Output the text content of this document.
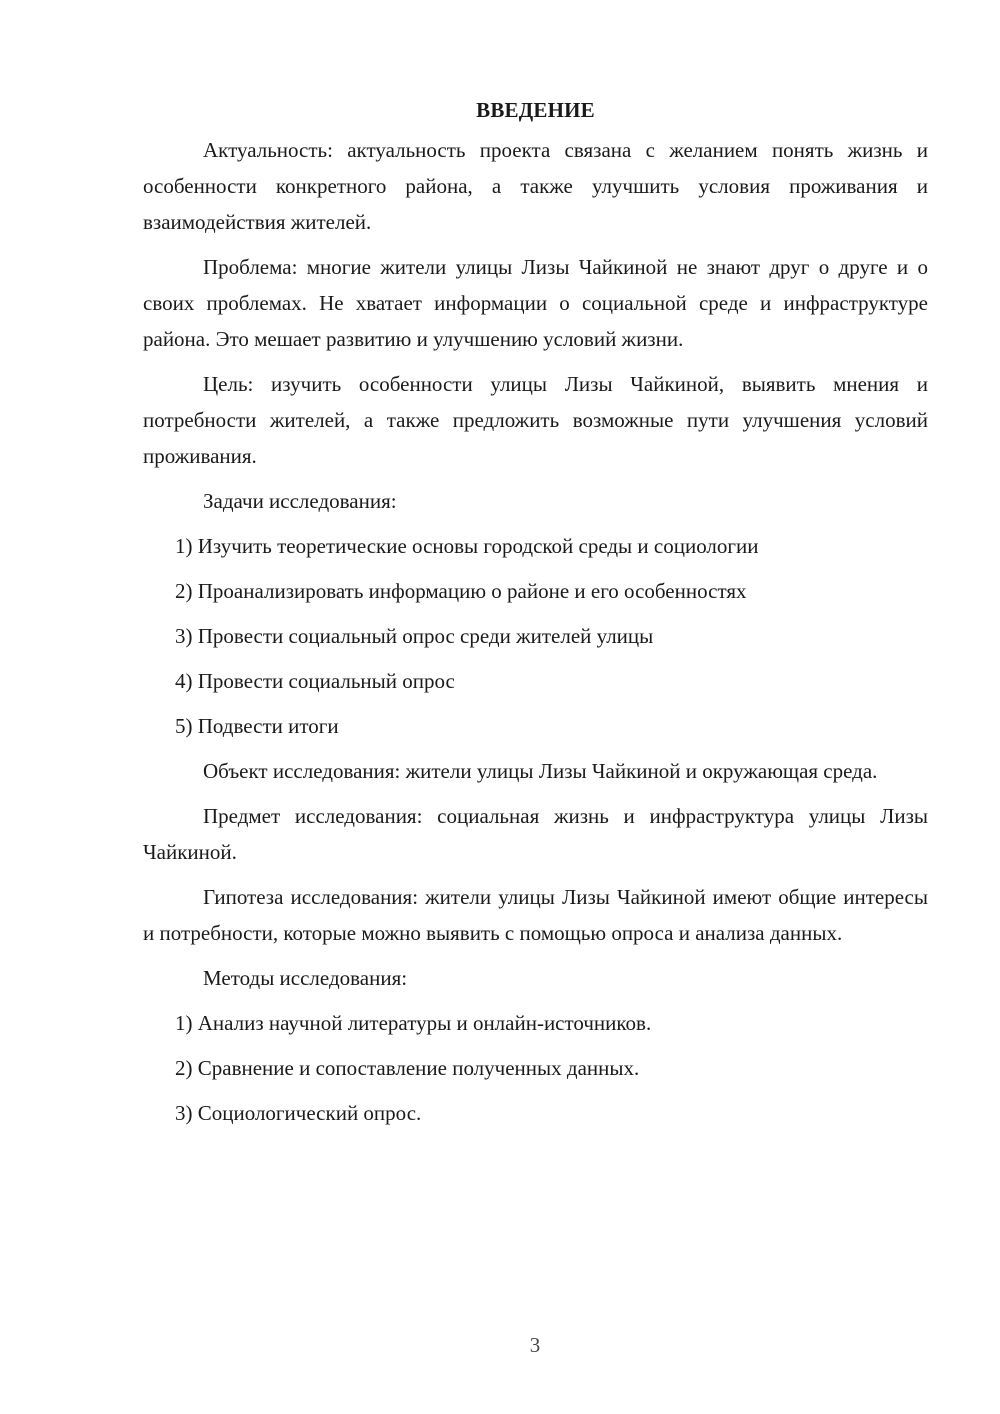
ВВЕДЕНИЕ

Актуальность: актуальность проекта связана с желанием понять жизнь и особенности конкретного района, а также улучшить условия проживания и взаимодействия жителей.

Проблема: многие жители улицы Лизы Чайкиной не знают друг о друге и о своих проблемах. Не хватает информации о социальной среде и инфраструктуре района. Это мешает развитию и улучшению условий жизни.

Цель: изучить особенности улицы Лизы Чайкиной, выявить мнения и потребности жителей, а также предложить возможные пути улучшения условий проживания.

Задачи исследования:

1) Изучить теоретические основы городской среды и социологии
2) Проанализировать информацию о районе и его особенностях
3) Провести социальный опрос среди жителей улицы
4) Провести социальный опрос
5) Подвести итоги

Объект исследования: жители улицы Лизы Чайкиной и окружающая среда.

Предмет исследования: социальная жизнь и инфраструктура улицы Лизы Чайкиной.

Гипотеза исследования: жители улицы Лизы Чайкиной имеют общие интересы и потребности, которые можно выявить с помощью опроса и анализа данных.

Методы исследования:

1) Анализ научной литературы и онлайн-источников.
2) Сравнение и сопоставление полученных данных.
3) Социологический опрос.
3
